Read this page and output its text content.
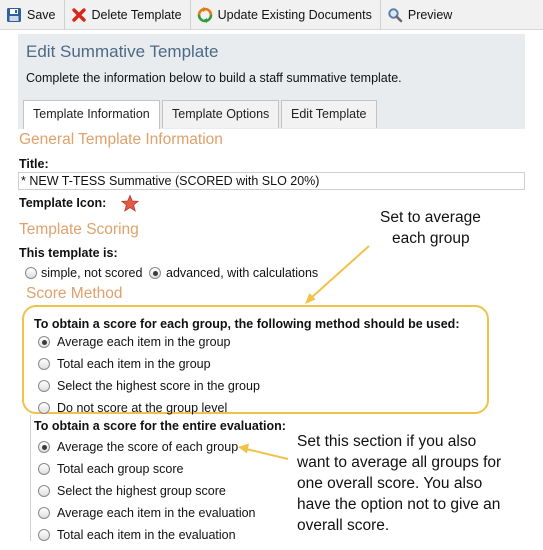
Save	Delete Template	Update Existing Documents	Preview
Edit Summative Template
Complete the information below to build a staff summative template.
Template Information	Template Options	Edit Template
General Template Information
Title:
* NEW T-TESS Summative (SCORED with SLO 20%)
Template Icon:
Template Scoring
This template is:
simple, not scored advanced, with calculations
Score Method
To obtain a score for each group, the following method should be used:
Average each item in the group
Total each item in the group
Select the highest score in the group
Do not score at the group level
To obtain a score for the entire evaluation:
Average the score of each group
Total each group score
Select the highest group score
Average each item in the evaluation
Total each item in the evaluation
Set to average
each group
Set this section if you also
want to average all groups for
one overall score. You also
have the option not to give an
overall score.
